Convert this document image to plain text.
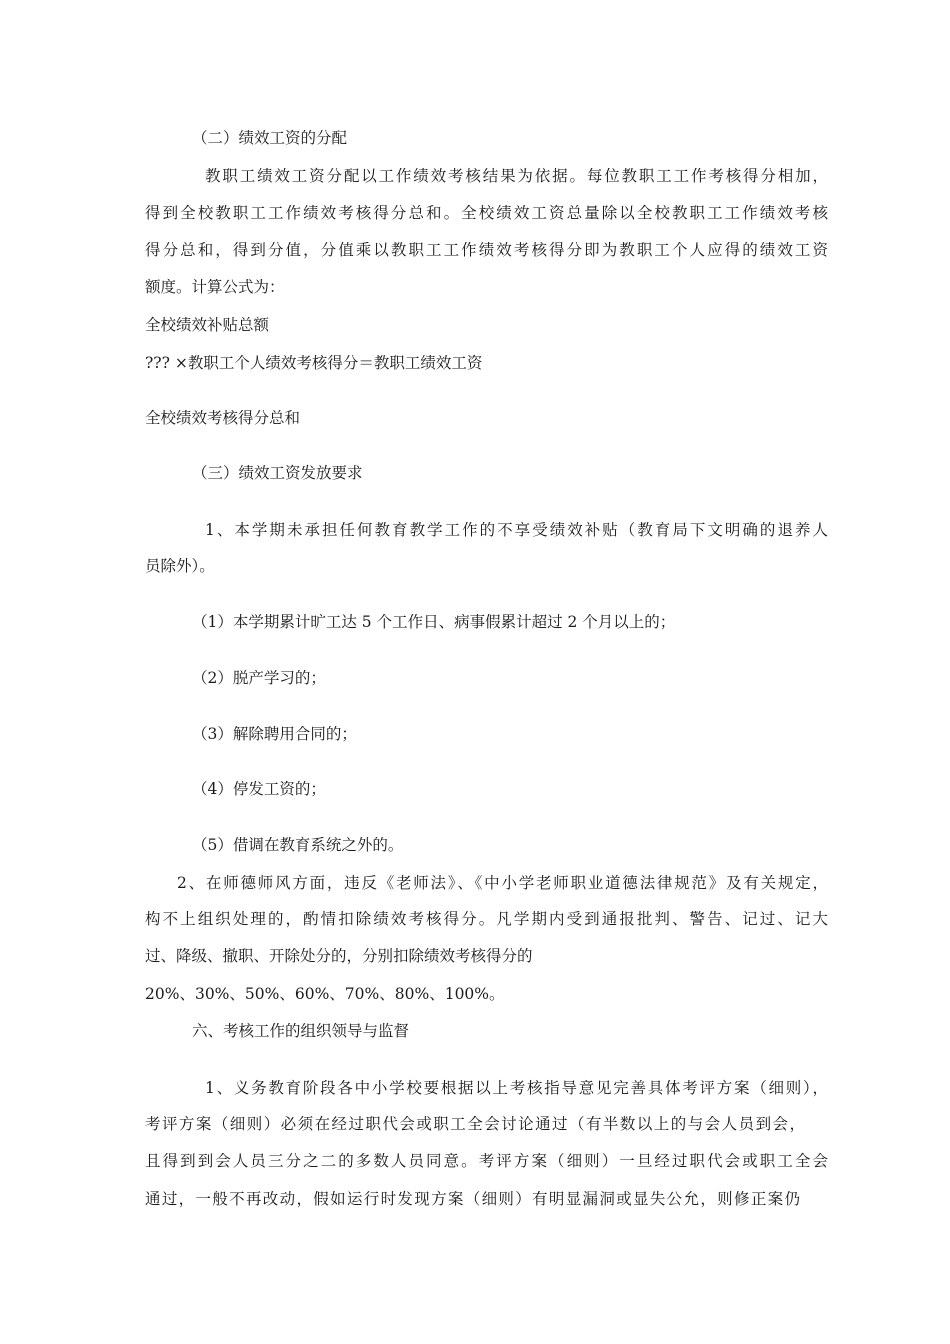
（二）绩效工资的分配
教职工绩效工资分配以工作绩效考核结果为依据。每位教职工工作考核得分相加，
得到全校教职工工作绩效考核得分总和。全校绩效工资总量除以全校教职工工作绩效考核
得分总和，得到分值，分值乘以教职工工作绩效考核得分即为教职工个人应得的绩效工资
额度。计算公式为：
全校绩效补贴总额
??? ×教职工个人绩效考核得分＝教职工绩效工资
全校绩效考核得分总和
（三）绩效工资发放要求
1、本学期未承担任何教育教学工作的不享受绩效补贴（教育局下文明确的退养人
员除外）。
（1）本学期累计旷工达 5 个工作日、病事假累计超过 2 个月以上的；
（2）脱产学习的；
（3）解除聘用合同的；
（4）停发工资的；
（5）借调在教育系统之外的。
2、在师德师风方面，违反《老师法》、《中小学老师职业道德法律规范》及有关规定，
构不上组织处理的，酌情扣除绩效考核得分。凡学期内受到通报批判、警告、记过、记大
过、降级、撤职、开除处分的，分别扣除绩效考核得分的
20%、30%、50%、60%、70%、80%、100%。
六、考核工作的组织领导与监督
1、义务教育阶段各中小学校要根据以上考核指导意见完善具体考评方案（细则），
考评方案（细则）必须在经过职代会或职工全会讨论通过（有半数以上的与会人员到会，
且得到到会人员三分之二的多数人员同意。考评方案（细则）一旦经过职代会或职工全会
通过，一般不再改动，假如运行时发现方案（细则）有明显漏洞或显失公允，则修正案仍
